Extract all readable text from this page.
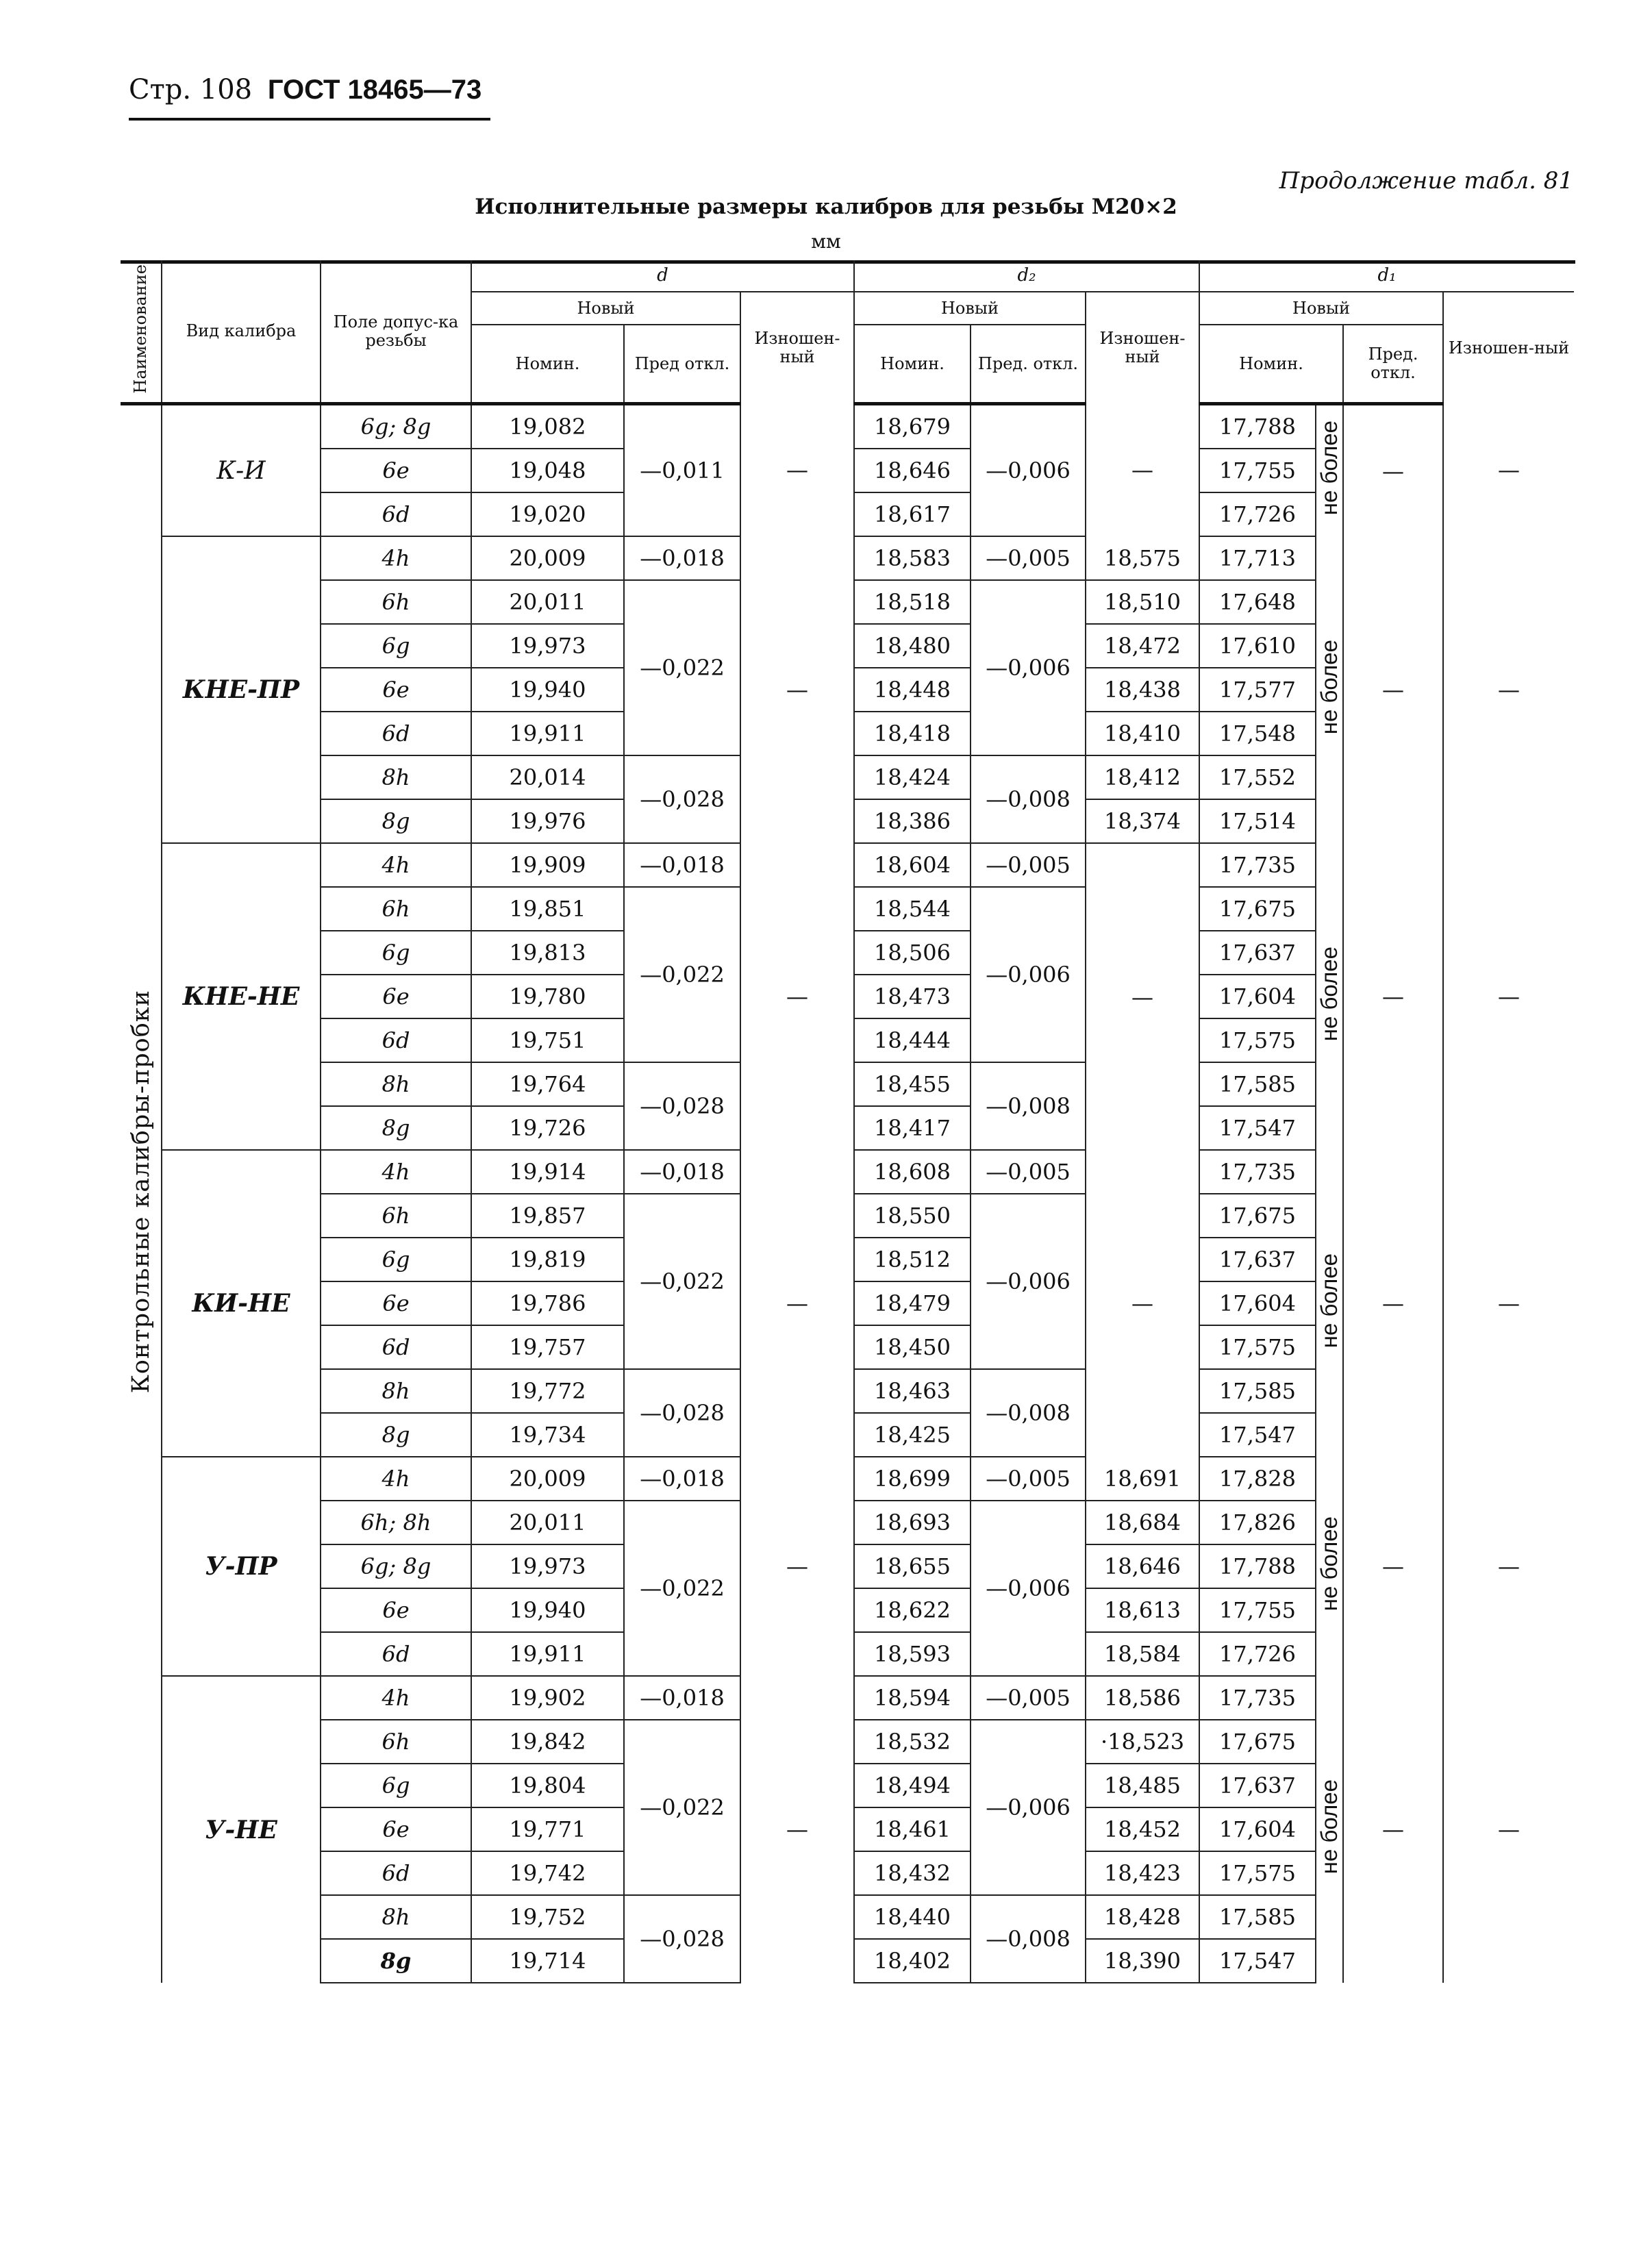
Стр. 108 ГОСТ 18465—73
Продолжение табл. 81
Исполнительные размеры калибров для резьбы М20×2
мм
Наименование	Вид калибра	Поле допус-ка резьбы	d			d₂			d₁			
			Новый		Изношен-ный	Новый		Изношен-ный	Новый			Изношен-ный
			Номин.	Пред откл.		Номин.	Пред. откл.		Номин.		Пред. откл.	
Контрольные калибры-пробки	К-И	6g; 8g	19,082	—0,011	—	18,679	—0,006	—	17,788	не более	—	—
		6e	19,048			18,646			17,755			
		6d	19,020			18,617			17,726			
	КНЕ-ПР	4h	20,009	—0,018	—	18,583	—0,005	18,575	17,713	не более	—	—
		6h	20,011	—0,022		18,518	—0,006	18,510	17,648			
		6g	19,973			18,480		18,472	17,610			
		6e	19,940			18,448		18,438	17,577			
		6d	19,911			18,418		18,410	17,548			
		8h	20,014	—0,028		18,424	—0,008	18,412	17,552			
		8g	19,976			18,386		18,374	17,514			
	КНЕ-НЕ	4h	19,909	—0,018	—	18,604	—0,005	—	17,735	не более	—	—
		6h	19,851	—0,022		18,544	—0,006		17,675			
		6g	19,813			18,506			17,637			
		6e	19,780			18,473			17,604			
		6d	19,751			18,444			17,575			
		8h	19,764	—0,028		18,455	—0,008		17,585			
		8g	19,726			18,417			17,547			
	КИ-НЕ	4h	19,914	—0,018	—	18,608	—0,005	—	17,735	не более	—	—
		6h	19,857	—0,022		18,550	—0,006		17,675			
		6g	19,819			18,512			17,637			
		6e	19,786			18,479			17,604			
		6d	19,757			18,450			17,575			
		8h	19,772	—0,028		18,463	—0,008		17,585			
		8g	19,734			18,425			17,547			
	У-ПР	4h	20,009	—0,018	—	18,699	—0,005	18,691	17,828	не более	—	—
		6h; 8h	20,011	—0,022		18,693	—0,006	18,684	17,826			
		6g; 8g	19,973			18,655		18,646	17,788			
		6e	19,940			18,622		18,613	17,755			
		6d	19,911			18,593		18,584	17,726			
	У-НЕ	4h	19,902	—0,018	—	18,594	—0,005	18,586	17,735	не более	—	—
		6h	19,842	—0,022		18,532	—0,006	·18,523	17,675			
		6g	19,804			18,494		18,485	17,637			
		6e	19,771			18,461		18,452	17,604			
		6d	19,742			18,432		18,423	17,575			
		8h	19,752	—0,028		18,440	—0,008	18,428	17,585			
		8g	19,714			18,402		18,390	17,547			
